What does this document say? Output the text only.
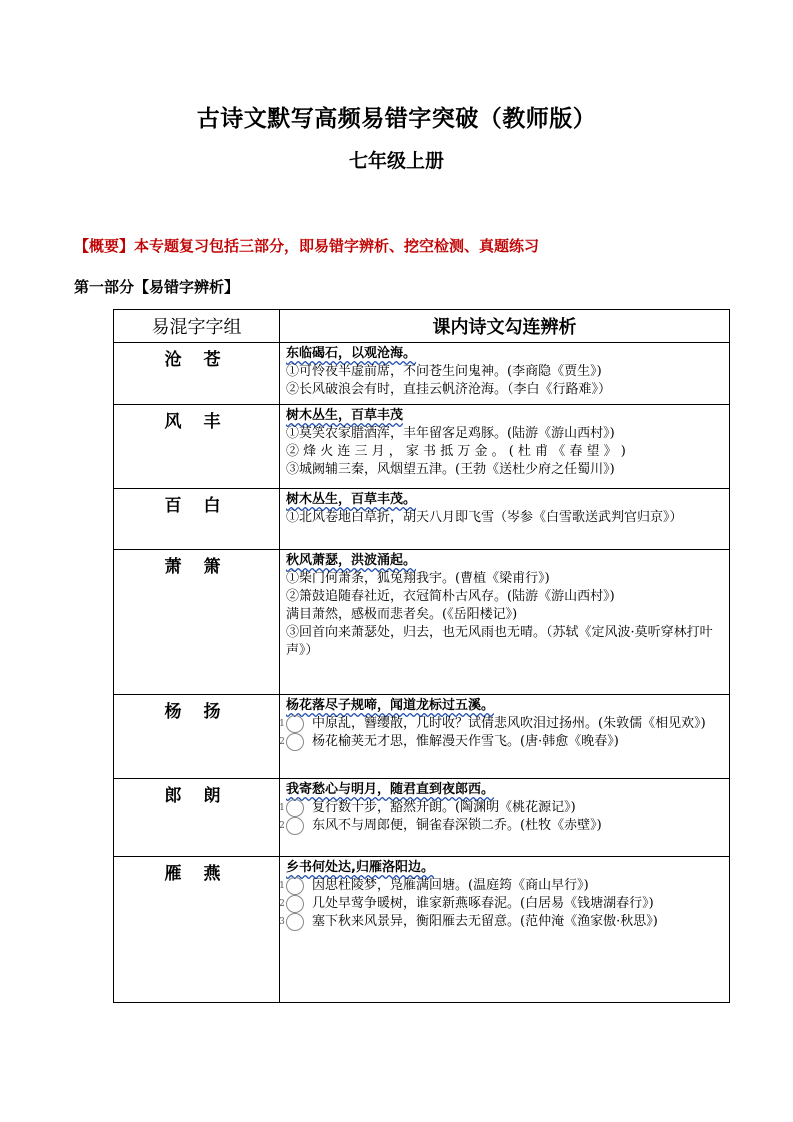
古诗文默写高频易错字突破（教师版）
七年级上册
【概要】本专题复习包括三部分，即易错字辨析、挖空检测、真题练习
第一部分【易错字辨析】
易混字字组	课内诗文勾连辨析
沧 苍	东临碣石，以观沧海。
①可怜夜半虚前席，不问苍生问鬼神。(李商隐《贾生》)
②长风破浪会有时，直挂云帆济沧海。（李白《行路难》）

风 丰	树木丛生，百草丰茂
①莫笑农家腊酒浑，丰年留客足鸡豚。(陆游《游山西村》)
② 烽 火 连 三 月 ， 家 书 抵 万 金 。 ( 杜 甫 《 春 望 》 )
③城阙辅三秦，风烟望五津。(王勃《送杜少府之任蜀川》)

百 白	树木丛生，百草丰茂。
①北风卷地白草折，胡天八月即飞雪（岑参《白雪歌送武判官归京》）

萧 箫	秋风萧瑟，洪波涌起。
①柴门何萧条，狐兔翔我宇。(曹植《梁甫行》)
②箫鼓追随春社近，衣冠简朴古风存。(陆游《游山西村》)
满目萧然，感极而悲者矣。(《岳阳楼记》)
③回首向来萧瑟处，归去，也无风雨也无晴。（苏轼《定风波·莫听穿林打叶声》）

杨 扬	杨花落尽子规啼，闻道龙标过五溪。
1 中原乱，簪缨散，几时收？试倩悲风吹泪过扬州。(朱敦儒《相见欢》)
2 杨花榆荚无才思，惟解漫天作雪飞。(唐·韩愈《晚春》)

郎 朗	我寄愁心与明月，随君直到夜郎西。
1 复行数十步，豁然开朗。(陶渊明《桃花源记》)
2 东风不与周郎便，铜雀春深锁二乔。(杜牧《赤壁》)

雁 燕	乡书何处达,归雁洛阳边。
1 因思杜陵梦，凫雁满回塘。(温庭筠《商山早行》)
2 几处早莺争暖树，谁家新燕啄春泥。(白居易《钱塘湖春行》)
3 塞下秋来风景异，衡阳雁去无留意。(范仲淹《渔家傲·秋思》)
